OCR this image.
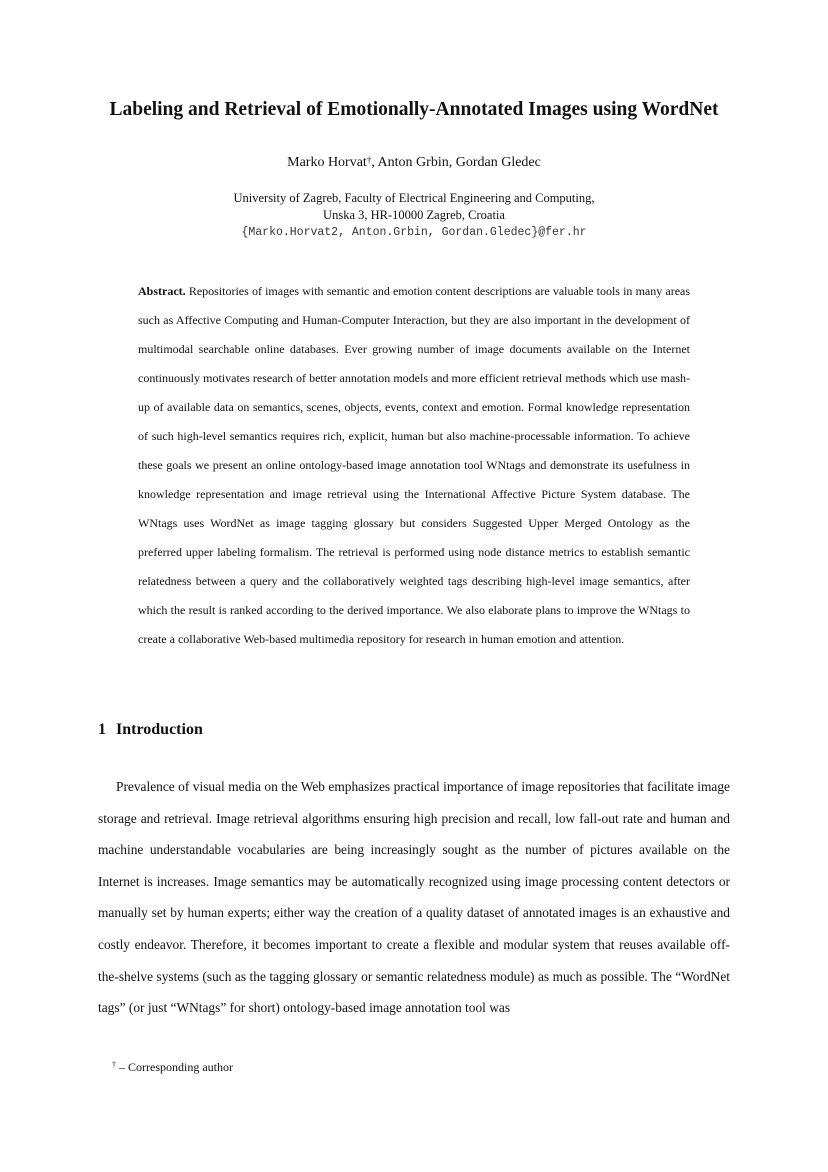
Labeling and Retrieval of Emotionally-Annotated Images using WordNet
Marko Horvat†, Anton Grbin, Gordan Gledec
University of Zagreb, Faculty of Electrical Engineering and Computing,
Unska 3, HR-10000 Zagreb, Croatia
{Marko.Horvat2, Anton.Grbin, Gordan.Gledec}@fer.hr
Abstract. Repositories of images with semantic and emotion content descriptions are valuable tools in many areas such as Affective Computing and Human-Computer Interaction, but they are also important in the development of multimodal searchable online databases. Ever growing number of image documents available on the Internet continuously motivates research of better annotation models and more efficient retrieval methods which use mash-up of available data on semantics, scenes, objects, events, context and emotion. Formal knowledge representation of such high-level semantics requires rich, explicit, human but also machine-processable information. To achieve these goals we present an online ontology-based image annotation tool WNtags and demonstrate its usefulness in knowledge representation and image retrieval using the International Affective Picture System database. The WNtags uses WordNet as image tagging glossary but considers Suggested Upper Merged Ontology as the preferred upper labeling formalism. The retrieval is performed using node distance metrics to establish semantic relatedness between a query and the collaboratively weighted tags describing high-level image semantics, after which the result is ranked according to the derived importance. We also elaborate plans to improve the WNtags to create a collaborative Web-based multimedia repository for research in human emotion and attention.
1 Introduction
Prevalence of visual media on the Web emphasizes practical importance of image repositories that facilitate image storage and retrieval. Image retrieval algorithms ensuring high precision and recall, low fall-out rate and human and machine understandable vocabularies are being increasingly sought as the number of pictures available on the Internet is increases. Image semantics may be automatically recognized using image processing content detectors or manually set by human experts; either way the creation of a quality dataset of annotated images is an exhaustive and costly endeavor. Therefore, it becomes important to create a flexible and modular system that reuses available off-the-shelve systems (such as the tagging glossary or semantic relatedness module) as much as possible. The “WordNet tags” (or just “WNtags” for short) ontology-based image annotation tool was
† – Corresponding author
